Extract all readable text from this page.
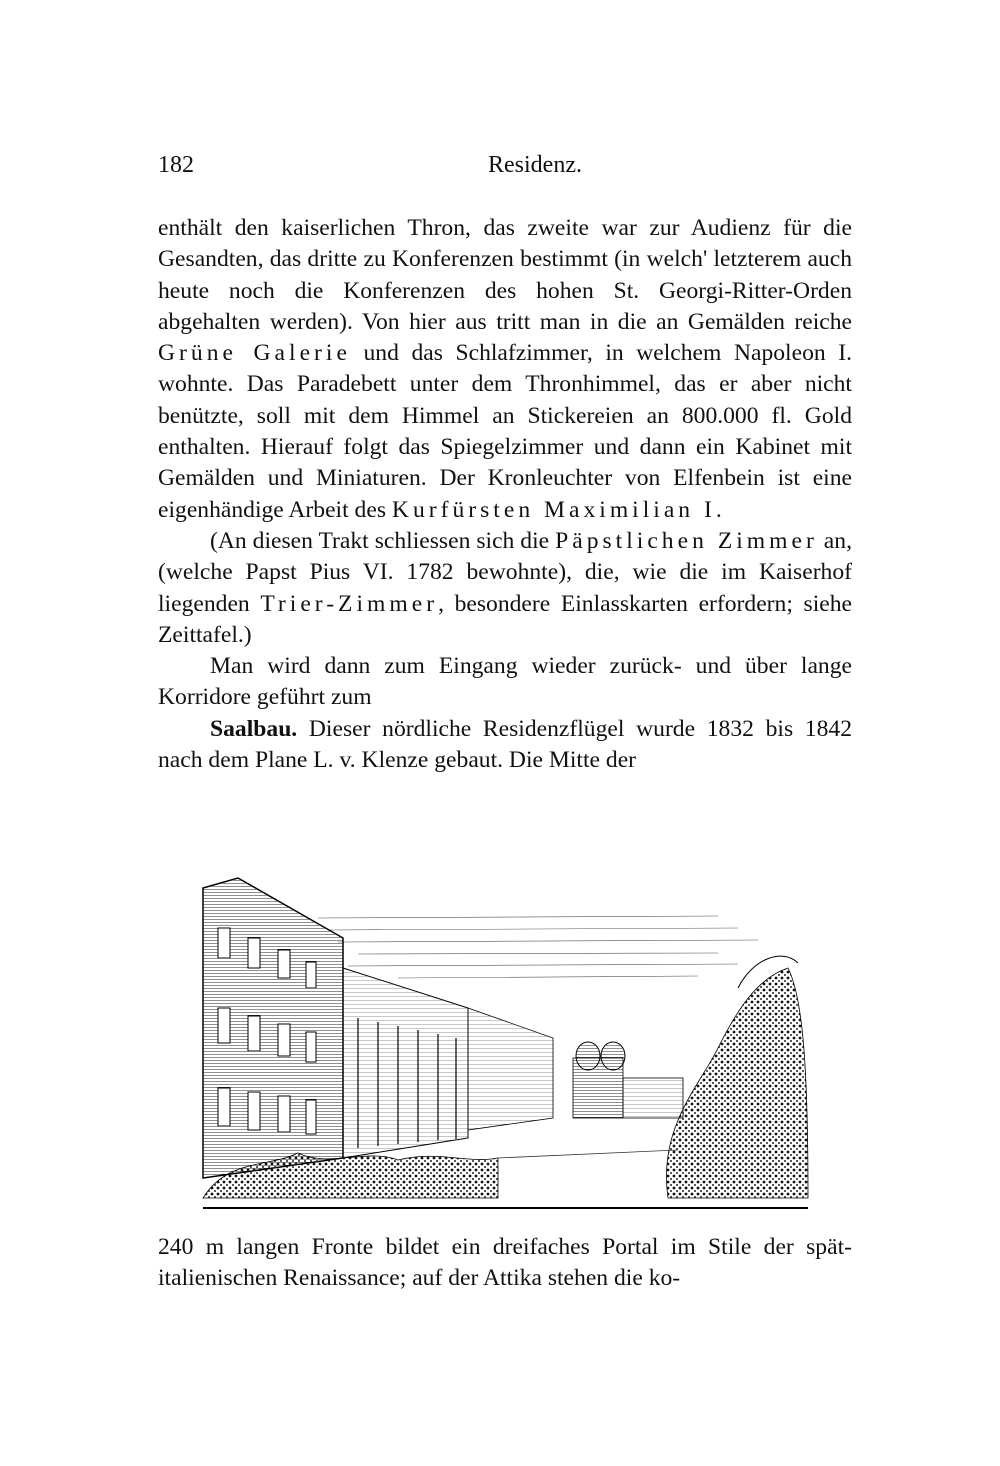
182	Residenz.

enthält den kaiserlichen Thron, das zweite war zur Audienz für die Gesandten, das dritte zu Konferenzen bestimmt (in welch' letzterem auch heute noch die Konferenzen des hohen St. Georgi-Ritter-Orden abgehalten werden). Von hier aus tritt man in die an Gemälden reiche Grüne Galerie und das Schlafzimmer, in welchem Napoleon I. wohnte. Das Paradebett unter dem Thronhimmel, das er aber nicht benützte, soll mit dem Himmel an Stickereien an 800.000 fl. Gold enthalten. Hierauf folgt das Spiegelzimmer und dann ein Kabinet mit Gemälden und Miniaturen. Der Kronleuchter von Elfenbein ist eine eigenhändige Arbeit des Kurfürsten Maximilian I.

(An diesen Trakt schliessen sich die Päpstlichen Zimmer an, (welche Papst Pius VI. 1782 bewohnte), die, wie die im Kaiserhof liegenden Trier-Zimmer, besondere Einlasskarten erfordern; siehe Zeittafel.)

Man wird dann zum Eingang wieder zurück- und über lange Korridore geführt zum

Saalbau. Dieser nördliche Residenzflügel wurde 1832 bis 1842 nach dem Plane L. v. Klenze gebaut. Die Mitte der

240 m langen Fronte bildet ein dreifaches Portal im Stile der spät-italienischen Renaissance; auf der Attika stehen die ko-
